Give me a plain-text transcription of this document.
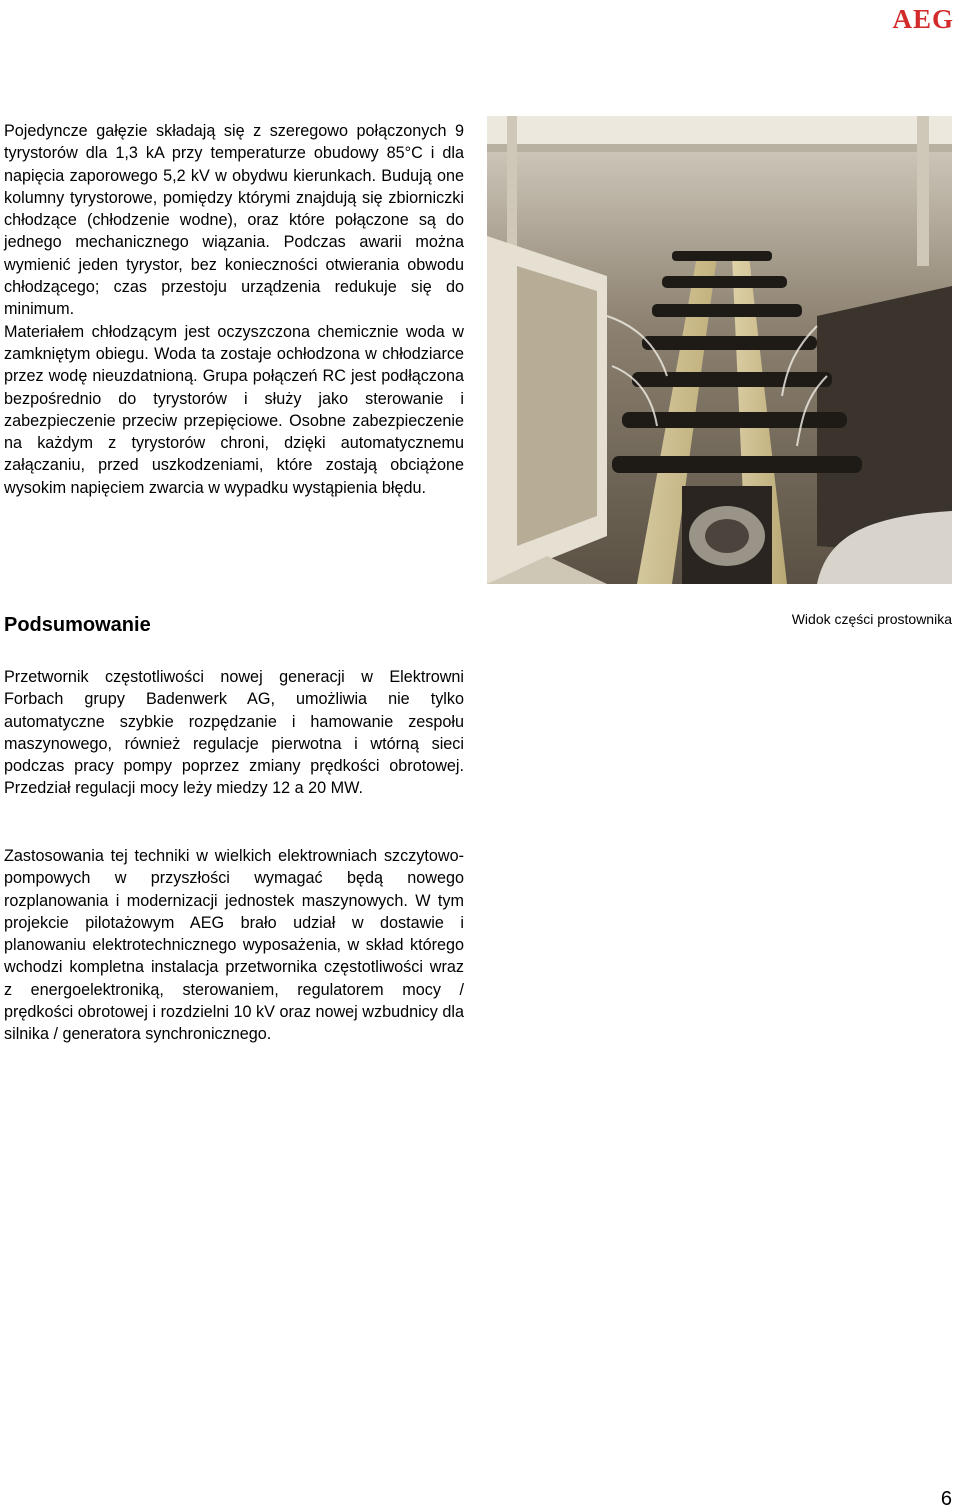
AEG

Pojedyncze gałęzie składają się z szeregowo połączonych 9 tyrystorów dla 1,3 kA przy temperaturze obudowy 85°C i dla napięcia zaporowego 5,2 kV w obydwu kierunkach. Budują one kolumny tyrystorowe, pomiędzy którymi znajdują się zbiorniczki chłodzące (chłodzenie wodne), oraz które połączone są do jednego mechanicznego wiązania. Podczas awarii można wymienić jeden tyrystor, bez konieczności otwierania obwodu chłodzącego; czas przestoju urządzenia redukuje się do minimum.

Materiałem chłodzącym jest oczyszczona chemicznie woda w zamkniętym obiegu. Woda ta zostaje ochłodzona w chłodziarce przez wodę nieuzdatnioną. Grupa połączeń RC jest podłączona bezpośrednio do tyrystorów i służy jako sterowanie i zabezpieczenie przeciw przepięciowe. Osobne zabezpieczenie na każdym z tyrystorów chroni, dzięki automatycznemu załączaniu, przed uszkodzeniami, które zostają obciążone wysokim napięciem zwarcia w wypadku wystąpienia błędu.

Podsumowanie

Przetwornik częstotliwości nowej generacji w Elektrowni Forbach grupy Badenwerk AG, umożliwia nie tylko automatyczne szybkie rozpędzanie i hamowanie zespołu maszynowego, również regulacje pierwotna i wtórną sieci podczas pracy pompy poprzez zmiany prędkości obrotowej. Przedział regulacji mocy leży miedzy 12 a 20 MW.

Zastosowania tej techniki w wielkich elektrowniach szczytowo-pompowych w przyszłości wymagać będą nowego rozplanowania i modernizacji jednostek maszynowych. W tym projekcie pilotażowym AEG brało udział w dostawie i planowaniu elektrotechnicznego wyposażenia, w skład którego wchodzi kompletna instalacja przetwornika częstotliwości wraz z energoelektroniką, sterowaniem, regulatorem mocy / prędkości obrotowej i rozdzielni 10 kV oraz nowej wzbudnicy dla silnika / generatora synchronicznego.

Widok części prostownika

6
